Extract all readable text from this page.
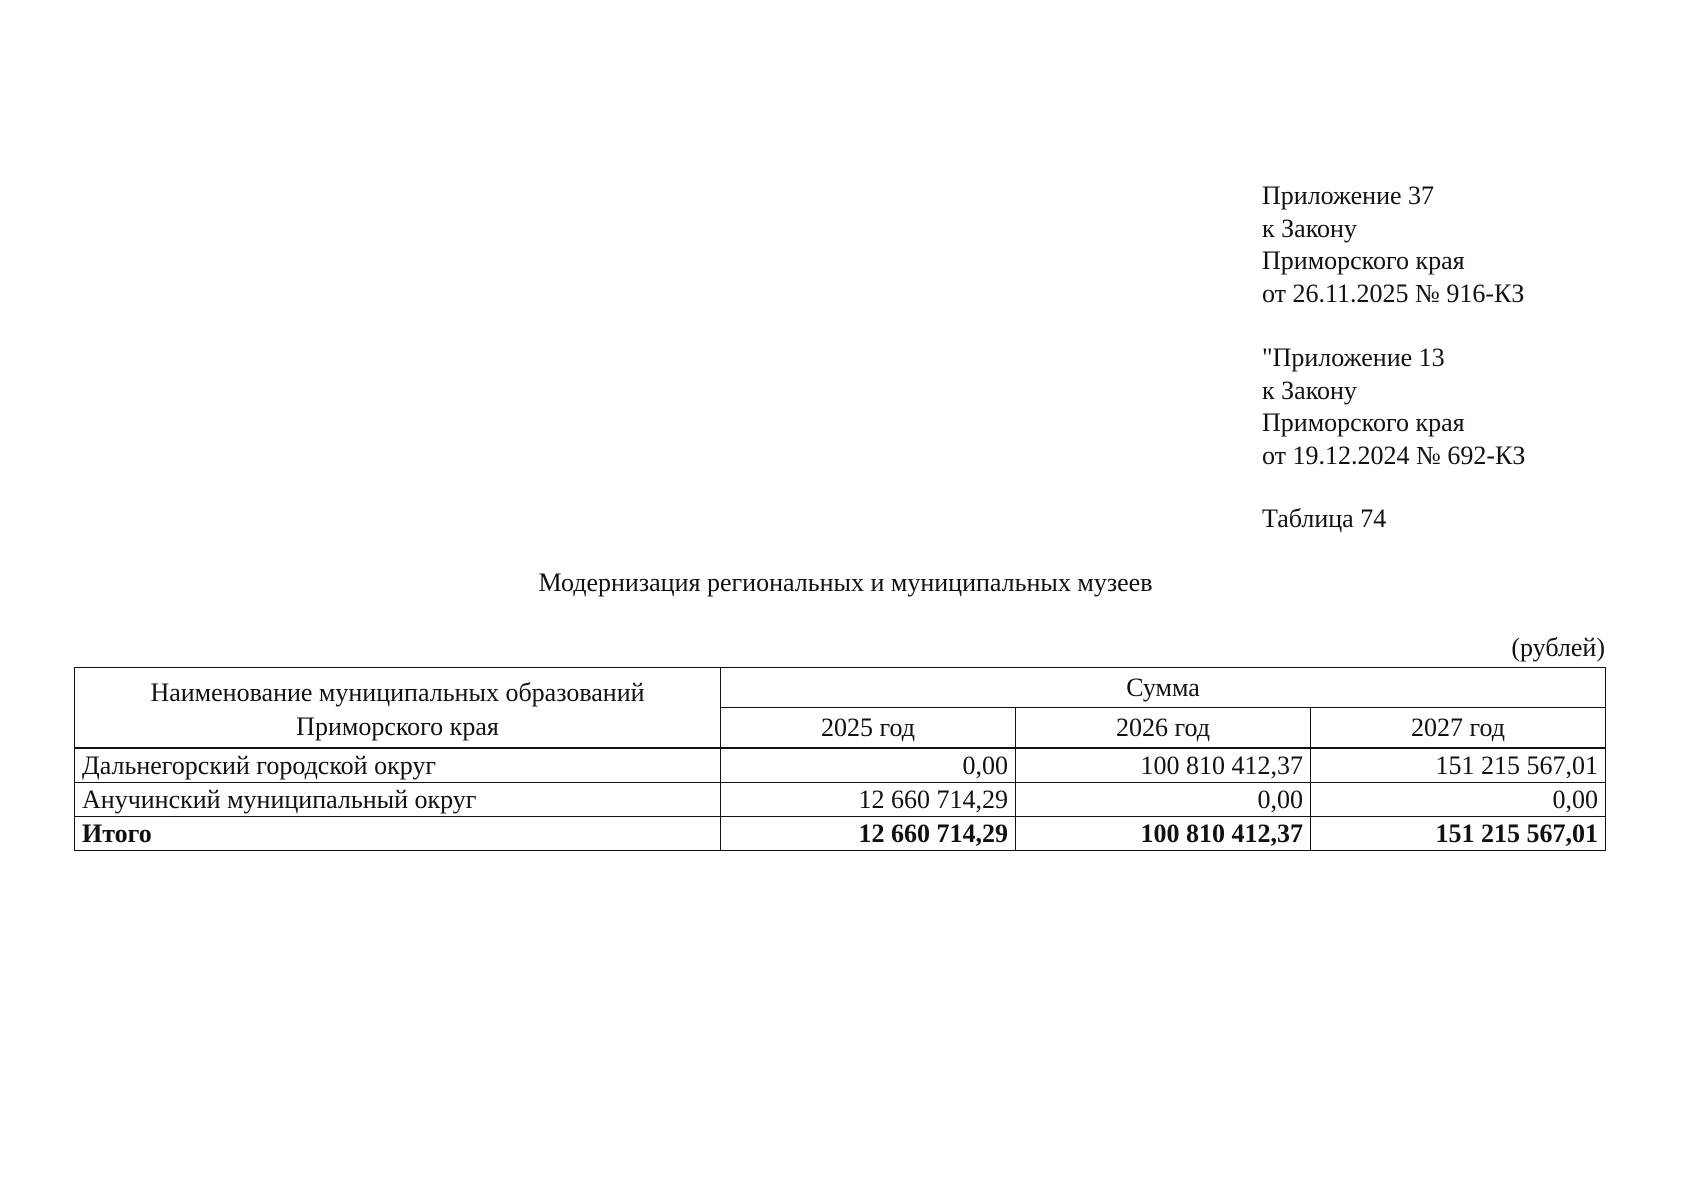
Приложение 37
к Закону
Приморского края
от 26.11.2025 № 916-КЗ
"Приложение 13
к Закону
Приморского края
от 19.12.2024 № 692-КЗ
Таблица 74
Модернизация региональных и муниципальных музеев
(рублей)
Наименование муниципальных образований
Приморского края	Сумма		
	2025 год	2026 год	2027 год

Дальнегорский городской округ	0,00	100 810 412,37	151 215 567,01
Анучинский муниципальный округ	12 660 714,29	0,00	0,00
Итого	12 660 714,29	100 810 412,37	151 215 567,01
